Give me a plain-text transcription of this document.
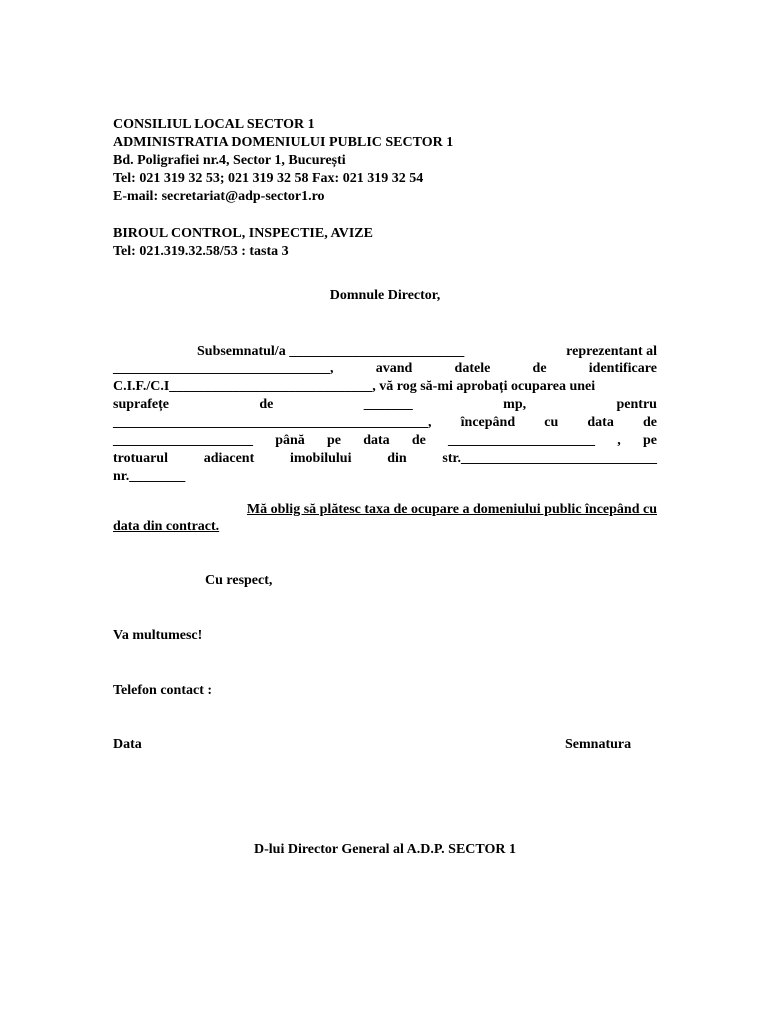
CONSILIUL LOCAL SECTOR 1
ADMINISTRATIA DOMENIULUI PUBLIC SECTOR 1
Bd. Poligrafiei nr.4, Sector 1, București
Tel: 021 319 32 53; 021 319 32 58 Fax: 021 319 32 54
E-mail: secretariat@adp-sector1.ro
BIROUL CONTROL, INSPECTIE, AVIZE
Tel: 021.319.32.58/53 : tasta 3
Domnule Director,
Subsemnatul/a _________________________	reprezentant al
_______________________________,	avand	datele	de	identificare
C.I.F./C.I_____________________________, vă rog să-mi aprobați ocuparea unei
suprafețe	de	_______	mp,	pentru
_____________________________________________, începând cu data de
____________________ până pe data de _____________________ , pe
trotuarul	adiacent	imobilului	din	str.____________________________
nr.________
Mă oblig să plătesc taxa de ocupare a domeniului public începând cu
data din contract.
Cu respect,
Va multumesc!
Telefon contact :
Data	Semnatura
D-lui Director General al A.D.P. SECTOR 1
